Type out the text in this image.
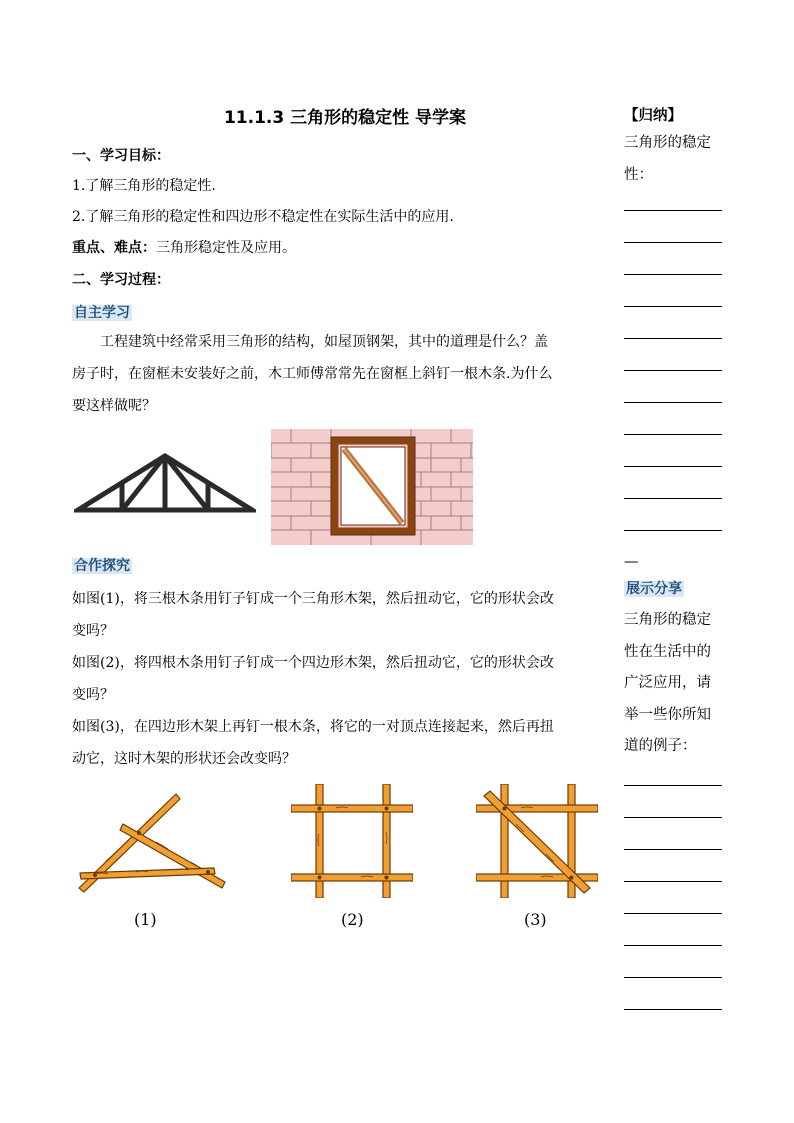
11.1.3 三角形的稳定性 导学案
一、学习目标：
1.了解三角形的稳定性.
2.了解三角形的稳定性和四边形不稳定性在实际生活中的应用.
重点、难点：三角形稳定性及应用。
二、学习过程：
自主学习
工程建筑中经常采用三角形的结构，如屋顶钢架，其中的道理是什么？盖
房子时，在窗框未安装好之前，木工师傅常常先在窗框上斜钉一根木条.为什么
要这样做呢？
合作探究
如图(1)，将三根木条用钉子钉成一个三角形木架，然后扭动它，它的形状会改
变吗？
如图(2)，将四根木条用钉子钉成一个四边形木架，然后扭动它，它的形状会改
变吗？
如图(3)，在四边形木架上再钉一根木条，将它的一对顶点连接起来，然后再扭
动它，这时木架的形状还会改变吗？
(1)	(2)	(3)
【归纳】
三角形的稳定
性：
—
展示分享
三角形的稳定
性在生活中的
广泛应用，请
举一些你所知
道的例子：
